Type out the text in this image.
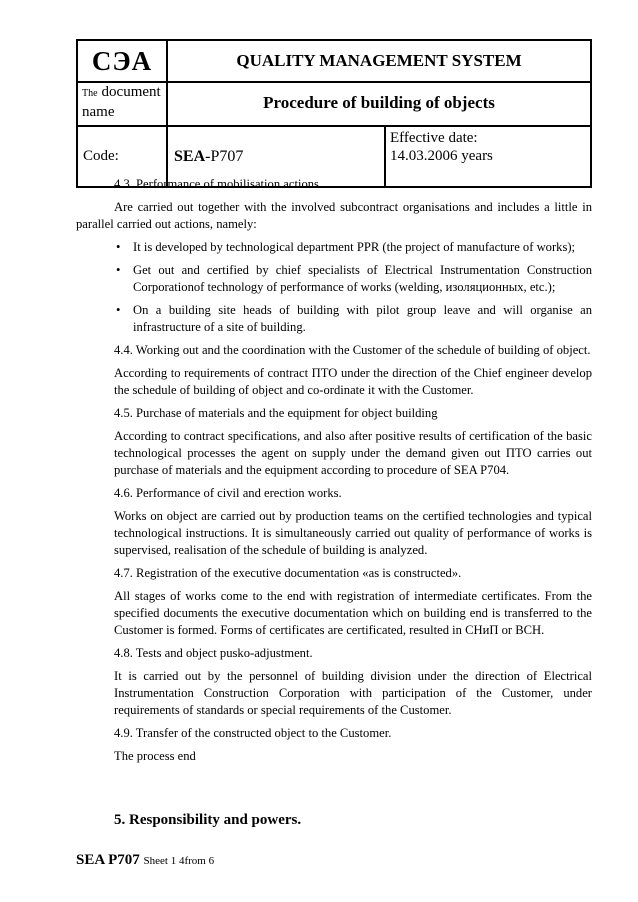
СЭА	QUALITY MANAGEMENT SYSTEM
The document
name	Procedure of building of objects
Code:	SEA -P707
Effective date:
14.03.2006 years

4.3. Performance of mobilisation actions.

Are carried out together with the involved subcontract organisations and includes a little in parallel carried out actions, namely:

• It is developed by technological department PPR (the project of manufacture of works);
• Get out and certified by chief specialists of Electrical Instrumentation Construction Corporationof technology of performance of works (welding, изоляционных, etc.);
• On a building site heads of building with pilot group leave and will organise an infrastructure of a site of building.

4.4. Working out and the coordination with the Customer of the schedule of building of object.

According to requirements of contract ПТО under the direction of the Chief engineer develop the schedule of building of object and co-ordinate it with the Customer.

4.5. Purchase of materials and the equipment for object building

According to contract specifications, and also after positive results of certification of the basic technological processes the agent on supply under the demand given out ПТО carries out purchase of materials and the equipment according to procedure of SEA P704.

4.6. Performance of civil and erection works.

Works on object are carried out by production teams on the certified technologies and typical technological instructions. It is simultaneously carried out quality of performance of works is supervised, realisation of the schedule of building is analyzed.

4.7. Registration of the executive documentation «as is constructed».

All stages of works come to the end with registration of intermediate certificates. From the specified documents the executive documentation which on building end is transferred to the Customer is formed. Forms of certificates are certificated, resulted in СНиП or ВСН.

4.8. Tests and object pusko-adjustment.

It is carried out by the personnel of building division under the direction of Electrical Instrumentation Construction Corporation with participation of the Customer, under requirements of standards or special requirements of the Customer.

4.9. Transfer of the constructed object to the Customer.

The process end

5. Responsibility and powers.
SEA P707 Sheet 1 4from 6
